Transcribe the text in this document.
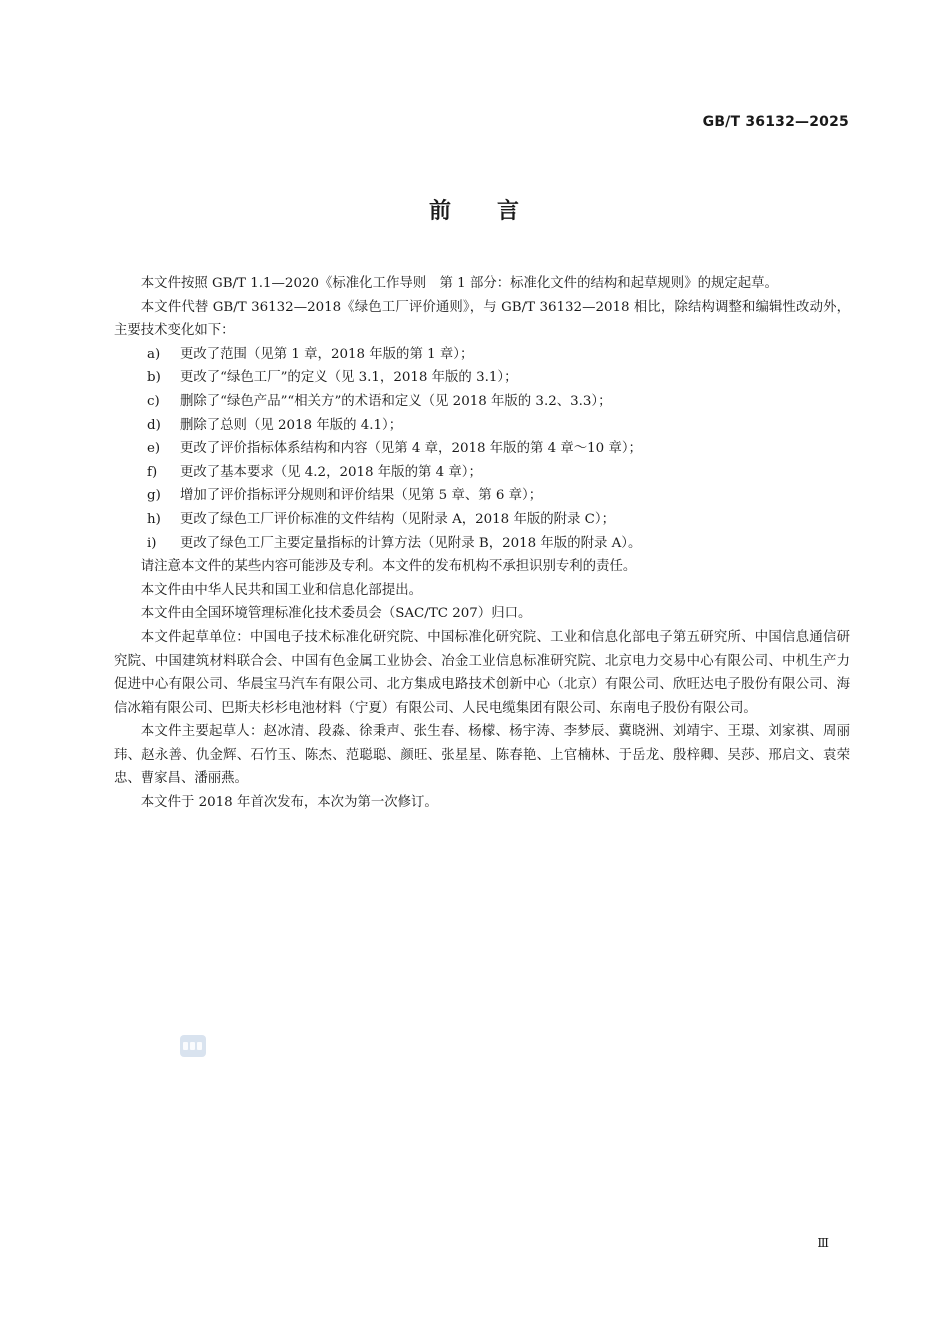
GB/T 36132—2025
前 言

本文件按照 GB/T 1.1—2020《标准化工作导则　第 1 部分：标准化文件的结构和起草规则》的规定起草。

本文件代替 GB/T 36132—2018《绿色工厂评价通则》，与 GB/T 36132—2018 相比，除结构调整和编辑性改动外，主要技术变化如下：

a) 更改了范围（见第 1 章，2018 年版的第 1 章）；
b) 更改了“绿色工厂”的定义（见 3.1，2018 年版的 3.1）；
c) 删除了“绿色产品”“相关方”的术语和定义（见 2018 年版的 3.2、3.3）；
d) 删除了总则（见 2018 年版的 4.1）；
e) 更改了评价指标体系结构和内容（见第 4 章，2018 年版的第 4 章～10 章）；
f) 更改了基本要求（见 4.2，2018 年版的第 4 章）；
g) 增加了评价指标评分规则和评价结果（见第 5 章、第 6 章）；
h) 更改了绿色工厂评价标准的文件结构（见附录 A，2018 年版的附录 C）；
i) 更改了绿色工厂主要定量指标的计算方法（见附录 B，2018 年版的附录 A）。

请注意本文件的某些内容可能涉及专利。本文件的发布机构不承担识别专利的责任。

本文件由中华人民共和国工业和信息化部提出。

本文件由全国环境管理标准化技术委员会（SAC/TC 207）归口。

本文件起草单位：中国电子技术标准化研究院、中国标准化研究院、工业和信息化部电子第五研究所、中国信息通信研究院、中国建筑材料联合会、中国有色金属工业协会、冶金工业信息标准研究院、北京电力交易中心有限公司、中机生产力促进中心有限公司、华晨宝马汽车有限公司、北方集成电路技术创新中心（北京）有限公司、欣旺达电子股份有限公司、海信冰箱有限公司、巴斯夫杉杉电池材料（宁夏）有限公司、人民电缆集团有限公司、东南电子股份有限公司。

本文件主要起草人：赵冰清、段淼、徐秉声、张生春、杨檬、杨宇涛、李梦辰、冀晓洲、刘靖宇、王璟、刘家祺、周丽玮、赵永善、仇金辉、石竹玉、陈杰、范聪聪、颜旺、张星星、陈春艳、上官楠林、于岳龙、殷梓卿、吴莎、邢启文、袁荣忠、曹家昌、潘丽燕。

本文件于 2018 年首次发布，本次为第一次修订。

Ⅲ
